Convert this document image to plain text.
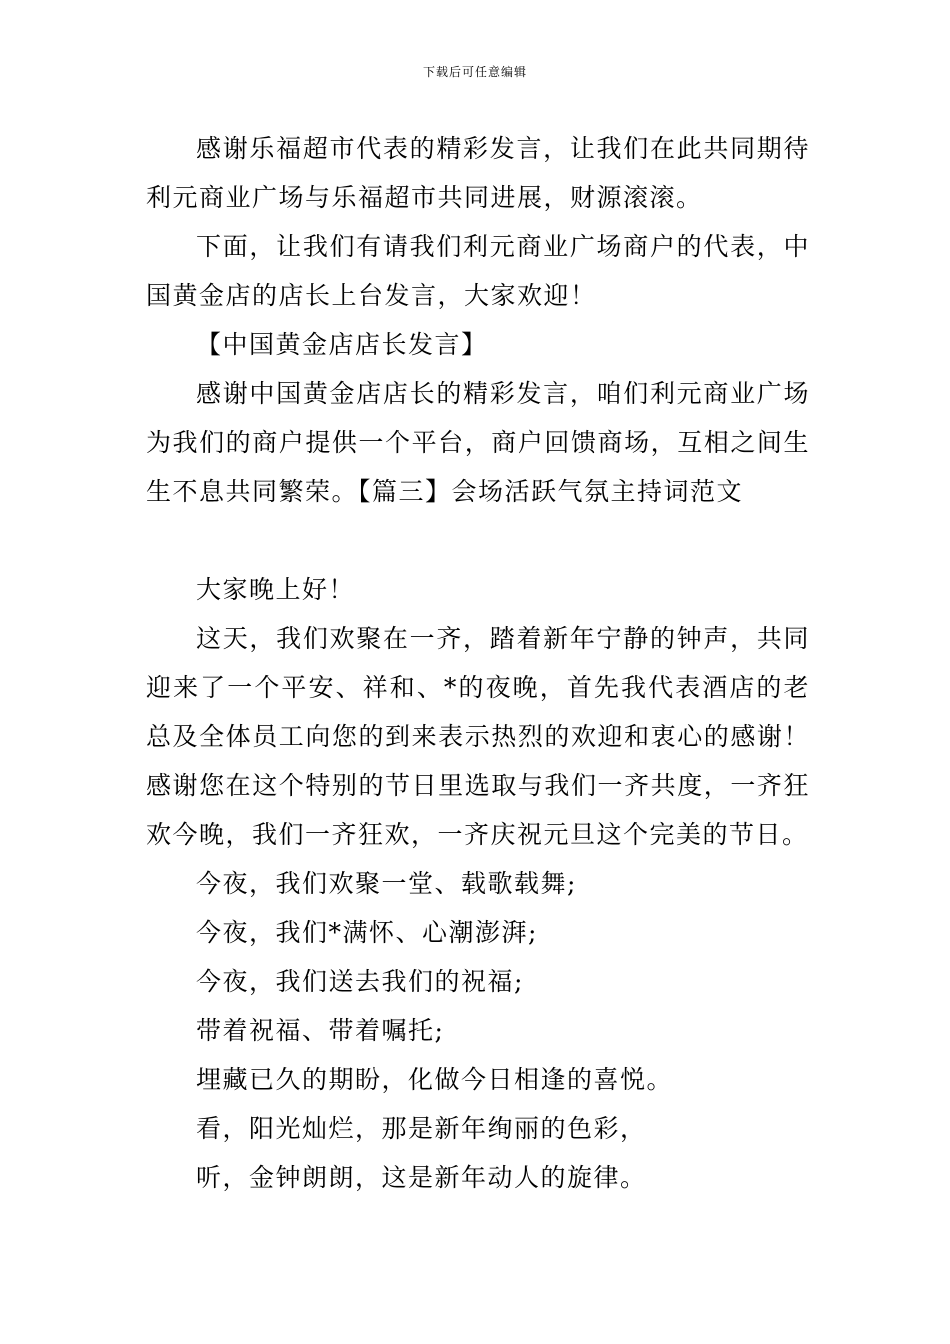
下载后可任意编辑

感谢乐福超市代表的精彩发言，让我们在此共同期待利元商业广场与乐福超市共同进展，财源滚滚。

下面，让我们有请我们利元商业广场商户的代表，中国黄金店的店长上台发言，大家欢迎！

【中国黄金店店长发言】

感谢中国黄金店店长的精彩发言，咱们利元商业广场为我们的商户提供一个平台，商户回馈商场，互相之间生生不息共同繁荣。【篇三】会场活跃气氛主持词范文

大家晚上好！

这天，我们欢聚在一齐，踏着新年宁静的钟声，共同迎来了一个平安、祥和、*的夜晚，首先我代表酒店的老总及全体员工向您的到来表示热烈的欢迎和衷心的感谢！感谢您在这个特别的节日里选取与我们一齐共度，一齐狂欢今晚，我们一齐狂欢，一齐庆祝元旦这个完美的节日。

今夜，我们欢聚一堂、载歌载舞;

今夜，我们*满怀、心潮澎湃;

今夜，我们送去我们的祝福;

带着祝福、带着嘱托;

埋藏已久的期盼，化做今日相逢的喜悦。

看，阳光灿烂，那是新年绚丽的色彩，

听，金钟朗朗，这是新年动人的旋律。
